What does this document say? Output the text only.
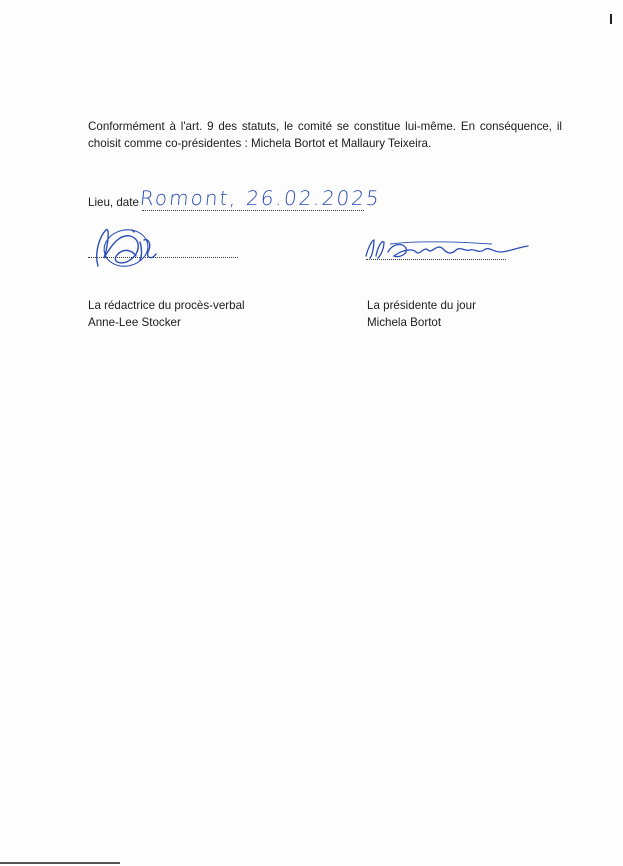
Conformément à l'art. 9 des statuts, le comité se constitue lui-même. En conséquence, il
choisit comme co-présidentes : Michela Bortot et Mallaury Teixeira.
Lieu, date Romont, 26.02.2025
La rédactrice du procès-verbal
Anne-Lee Stocker
La présidente du jour
Michela Bortot
